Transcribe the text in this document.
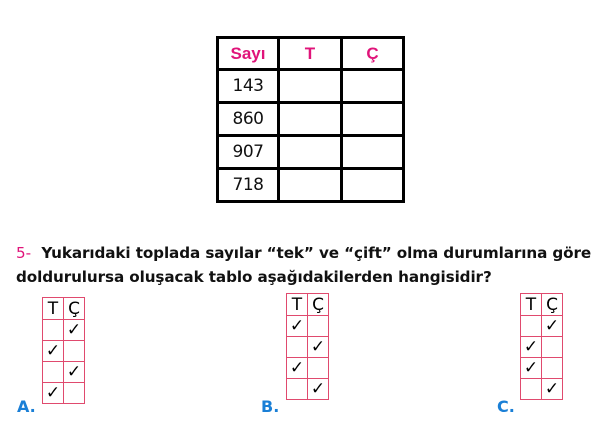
Sayı	T	Ç
143		
860		
907		
718		
5- Yukarıdaki toplada sayılar “tek” ve “çift” olma durumlarına göre
doldurulursa oluşacak tablo aşağıdakilerden hangisidir?
A.
T	Ç
	✓
✓	
	✓
✓	
B.
T	Ç
✓	
	✓
✓	
	✓
C.
T	Ç
	✓
✓	
✓	
	✓
